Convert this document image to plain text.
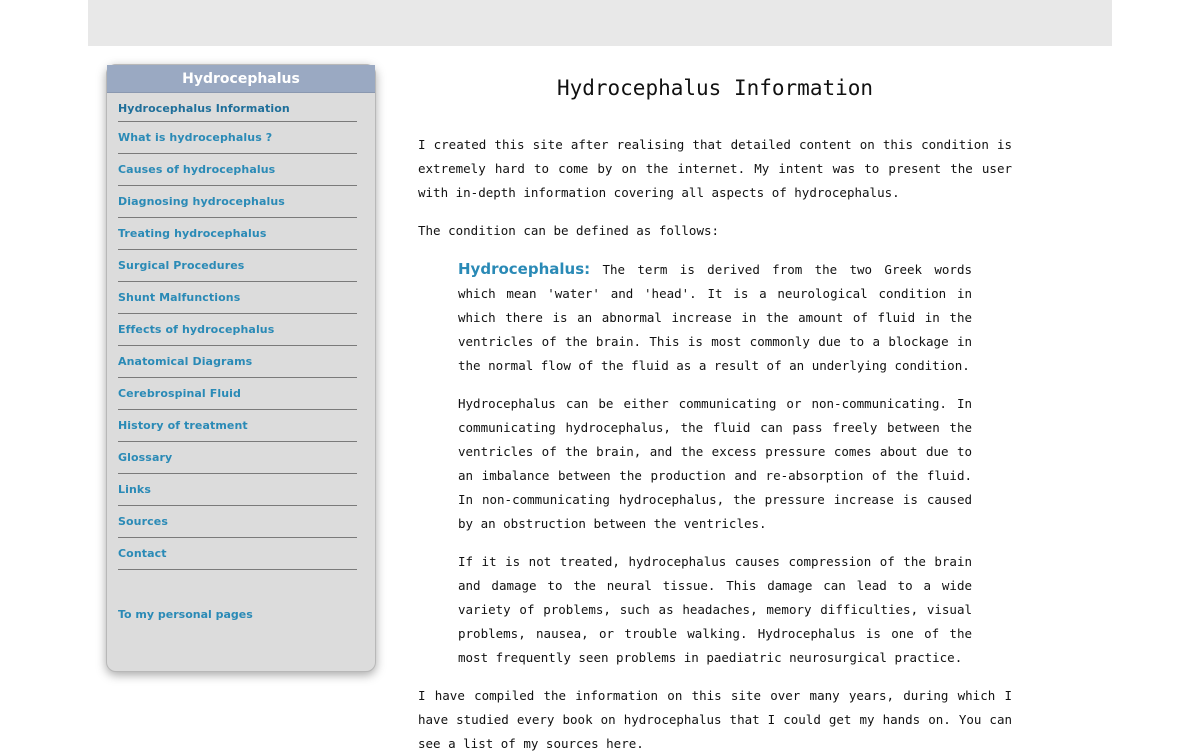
Hydrocephalus
Hydrocephalus Information
What is hydrocephalus ?
Causes of hydrocephalus
Diagnosing hydrocephalus
Treating hydrocephalus
Surgical Procedures
Shunt Malfunctions
Effects of hydrocephalus
Anatomical Diagrams
Cerebrospinal Fluid
History of treatment
Glossary
Links
Sources
Contact
To my personal pages
Hydrocephalus Information

I created this site after realising that detailed content on this condition is extremely hard to come by on the internet. My intent was to present the user with in-depth information covering all aspects of hydrocephalus.

The condition can be defined as follows:

Hydrocephalus: The term is derived from the two Greek words which mean 'water' and 'head'. It is a neurological condition in which there is an abnormal increase in the amount of fluid in the ventricles of the brain. This is most commonly due to a blockage in the normal flow of the fluid as a result of an underlying condition.

Hydrocephalus can be either communicating or non-communicating. In communicating hydrocephalus, the fluid can pass freely between the ventricles of the brain, and the excess pressure comes about due to an imbalance between the production and re-absorption of the fluid. In non-communicating hydrocephalus, the pressure increase is caused by an obstruction between the ventricles.

If it is not treated, hydrocephalus causes compression of the brain and damage to the neural tissue. This damage can lead to a wide variety of problems, such as headaches, memory difficulties, visual problems, nausea, or trouble walking. Hydrocephalus is one of the most frequently seen problems in paediatric neurosurgical practice.

I have compiled the information on this site over many years, during which I have studied every book on hydrocephalus that I could get my hands on. You can see a list of my sources here.
